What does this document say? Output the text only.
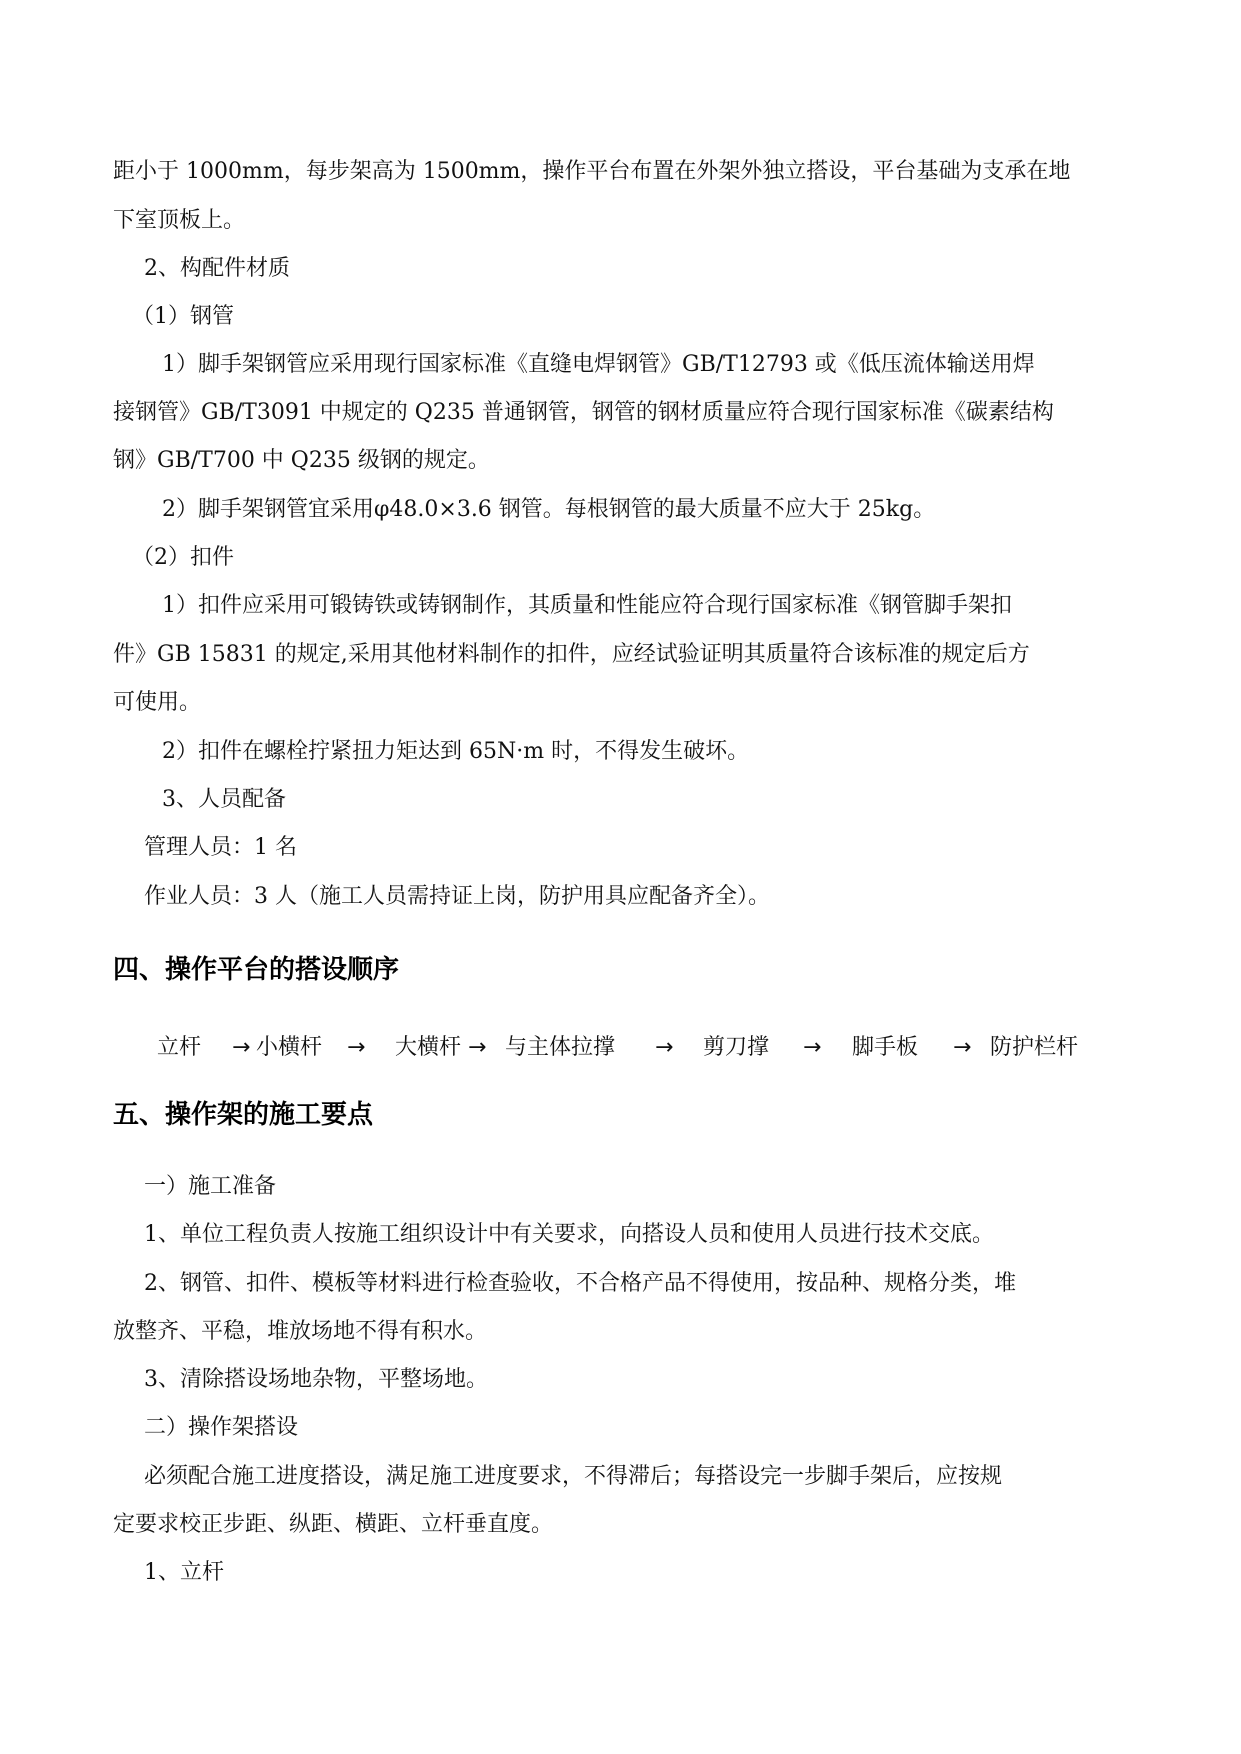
距小于 1000mm，每步架高为 1500mm，操作平台布置在外架外独立搭设，平台基础为支承在地
下室顶板上。
2、构配件材质
（1）钢管
1）脚手架钢管应采用现行国家标准《直缝电焊钢管》GB/T12793 或《低压流体输送用焊
接钢管》GB/T3091 中规定的 Q235 普通钢管，钢管的钢材质量应符合现行国家标准《碳素结构
钢》GB/T700 中 Q235 级钢的规定。
2）脚手架钢管宜采用φ48.0×3.6 钢管。每根钢管的最大质量不应大于 25kg。
（2）扣件
1）扣件应采用可锻铸铁或铸钢制作，其质量和性能应符合现行国家标准《钢管脚手架扣
件》GB 15831 的规定,采用其他材料制作的扣件，应经试验证明其质量符合该标准的规定后方
可使用。
2）扣件在螺栓拧紧扭力矩达到 65N·m 时，不得发生破坏。
3、人员配备
管理人员：1 名
作业人员：3 人（施工人员需持证上岗，防护用具应配备齐全）。
四、操作平台的搭设顺序
立杆 → 小横杆 → 大横杆 → 与主体拉撑 → 剪刀撑 → 脚手板 → 防护栏杆
五、操作架的施工要点
一）施工准备
1、单位工程负责人按施工组织设计中有关要求，向搭设人员和使用人员进行技术交底。
2、钢管、扣件、模板等材料进行检查验收，不合格产品不得使用，按品种、规格分类，堆
放整齐、平稳，堆放场地不得有积水。
3、清除搭设场地杂物，平整场地。
二）操作架搭设
必须配合施工进度搭设，满足施工进度要求，不得滞后；每搭设完一步脚手架后，应按规
定要求校正步距、纵距、横距、立杆垂直度。
1、立杆
